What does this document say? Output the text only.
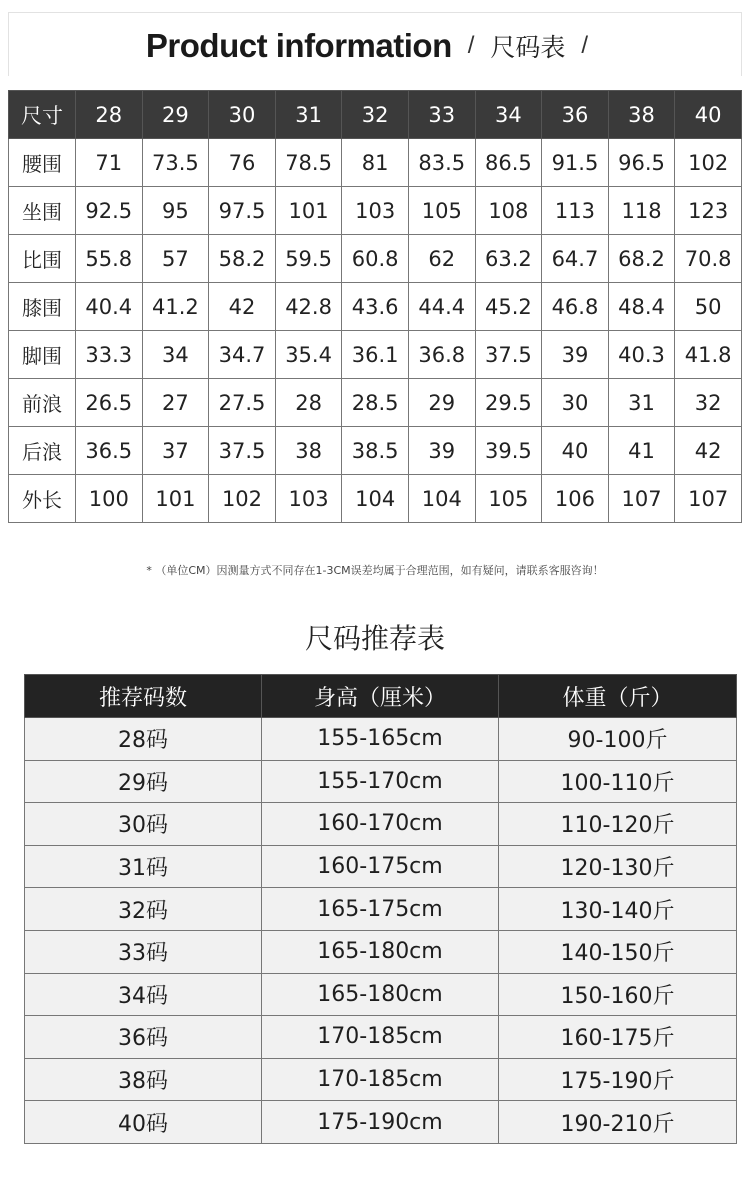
Product information / 尺码表 /
尺寸	28	29	30	31	32	33	34	36	38	40
腰围	71	73.5	76	78.5	81	83.5	86.5	91.5	96.5	102
坐围	92.5	95	97.5	101	103	105	108	113	118	123
比围	55.8	57	58.2	59.5	60.8	62	63.2	64.7	68.2	70.8
膝围	40.4	41.2	42	42.8	43.6	44.4	45.2	46.8	48.4	50
脚围	33.3	34	34.7	35.4	36.1	36.8	37.5	39	40.3	41.8
前浪	26.5	27	27.5	28	28.5	29	29.5	30	31	32
后浪	36.5	37	37.5	38	38.5	39	39.5	40	41	42
外长	100	101	102	103	104	104	105	106	107	107
* （单位CM）因测量方式不同存在1-3CM误差均属于合理范围，如有疑问，请联系客服咨询！
尺码推荐表
推荐码数	身高（厘米）	体重（斤）
28码	155-165cm	90-100斤
29码	155-170cm	100-110斤
30码	160-170cm	110-120斤
31码	160-175cm	120-130斤
32码	165-175cm	130-140斤
33码	165-180cm	140-150斤
34码	165-180cm	150-160斤
36码	170-185cm	160-175斤
38码	170-185cm	175-190斤
40码	175-190cm	190-210斤
